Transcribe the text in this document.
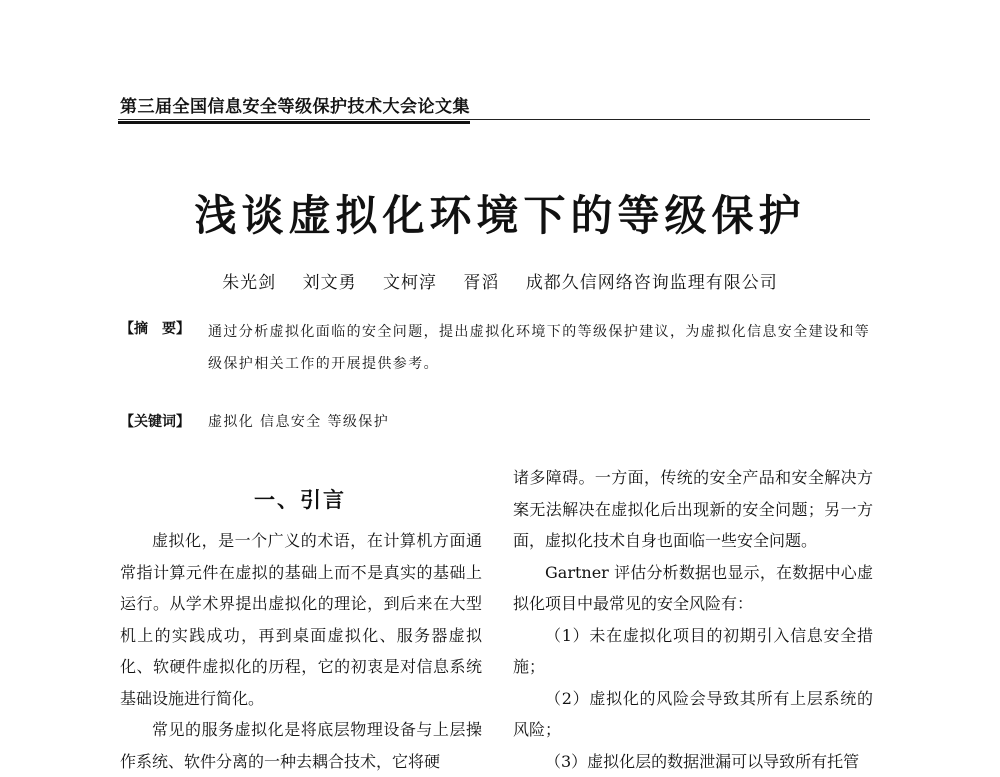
第三届全国信息安全等级保护技术大会论文集
浅谈虚拟化环境下的等级保护
朱光剑 刘文勇 文柯淳 胥滔 成都久信网络咨询监理有限公司
【摘　要】 通过分析虚拟化面临的安全问题，提出虚拟化环境下的等级保护建议，为虚拟化信息安全建设和等级保护相关工作的开展提供参考。
【关键词】 虚拟化 信息安全 等级保护
一、引言

虚拟化，是一个广义的术语，在计算机方面通常指计算元件在虚拟的基础上而不是真实的基础上运行。从学术界提出虚拟化的理论，到后来在大型机上的实践成功，再到桌面虚拟化、服务器虚拟化、软硬件虚拟化的历程，它的初衷是对信息系统基础设施进行简化。

常见的服务虚拟化是将底层物理设备与上层操作系统、软件分离的一种去耦合技术，它将硬

诸多障碍。一方面，传统的安全产品和安全解决方案无法解决在虚拟化后出现新的安全问题；另一方面，虚拟化技术自身也面临一些安全问题。

Gartner 评估分析数据也显示，在数据中心虚拟化项目中最常见的安全风险有：

（1）未在虚拟化项目的初期引入信息安全措施；

（2）虚拟化的风险会导致其所有上层系统的风险；

（3）虚拟化层的数据泄漏可以导致所有托管
